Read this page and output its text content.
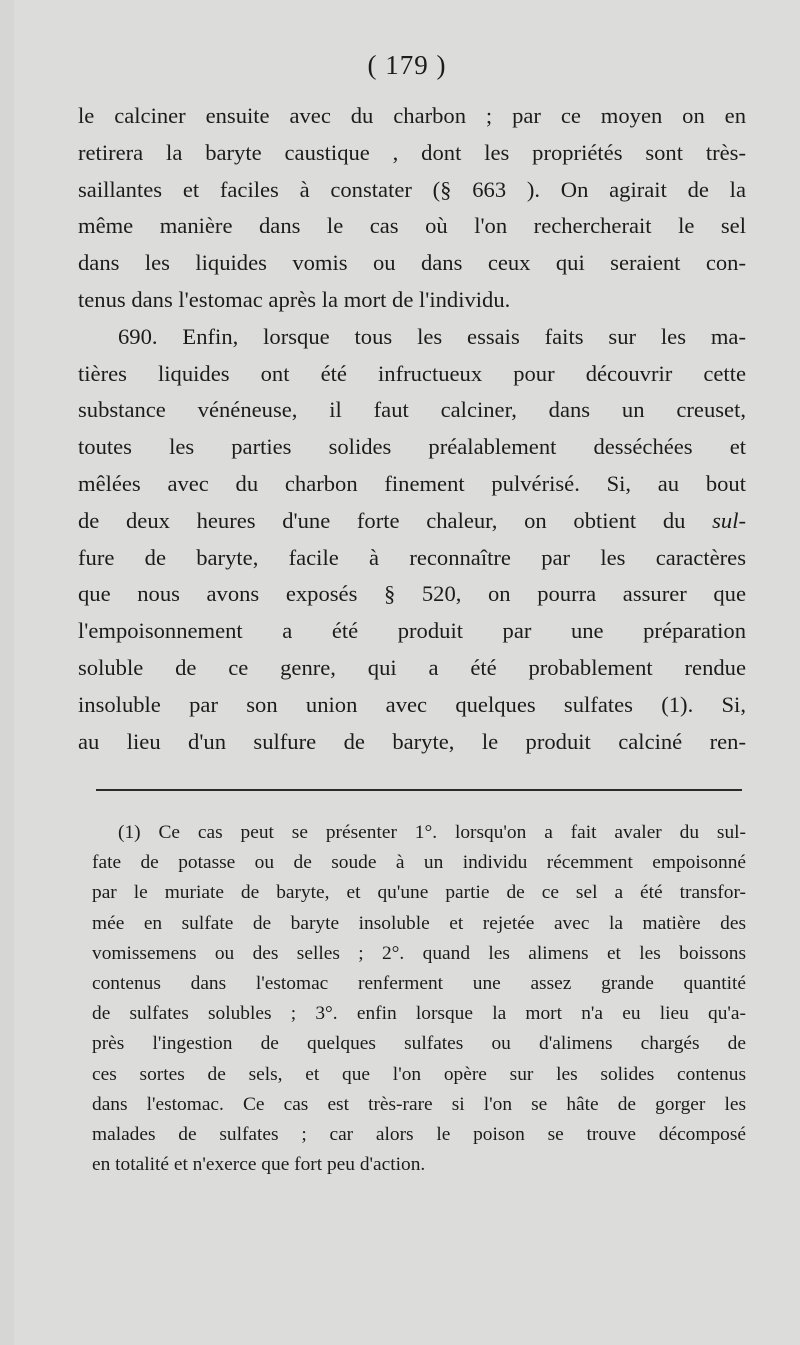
( 179 )
le calciner ensuite avec du charbon ; par ce moyen on en
retirera la baryte caustique , dont les propriétés sont très-
saillantes et faciles à constater (§ 663 ). On agirait de la
même manière dans le cas où l'on rechercherait le sel
dans les liquides vomis ou dans ceux qui seraient con-
tenus dans l'estomac après la mort de l'individu.
690. Enfin, lorsque tous les essais faits sur les ma-
tières liquides ont été infructueux pour découvrir cette
substance vénéneuse, il faut calciner, dans un creuset,
toutes les parties solides préalablement desséchées et
mêlées avec du charbon finement pulvérisé. Si, au bout
de deux heures d'une forte chaleur, on obtient du sul-
fure de baryte, facile à reconnaître par les caractères
que nous avons exposés § 520, on pourra assurer que
l'empoisonnement a été produit par une préparation
soluble de ce genre, qui a été probablement rendue
insoluble par son union avec quelques sulfates (1). Si,
au lieu d'un sulfure de baryte, le produit calciné ren-
(1) Ce cas peut se présenter 1°. lorsqu'on a fait avaler du sul-
fate de potasse ou de soude à un individu récemment empoisonné
par le muriate de baryte, et qu'une partie de ce sel a été transfor-
mée en sulfate de baryte insoluble et rejetée avec la matière des
vomissemens ou des selles ; 2°. quand les alimens et les boissons
contenus dans l'estomac renferment une assez grande quantité
de sulfates solubles ; 3°. enfin lorsque la mort n'a eu lieu qu'a-
près l'ingestion de quelques sulfates ou d'alimens chargés de
ces sortes de sels, et que l'on opère sur les solides contenus
dans l'estomac. Ce cas est très-rare si l'on se hâte de gorger les
malades de sulfates ; car alors le poison se trouve décomposé
en totalité et n'exerce que fort peu d'action.
